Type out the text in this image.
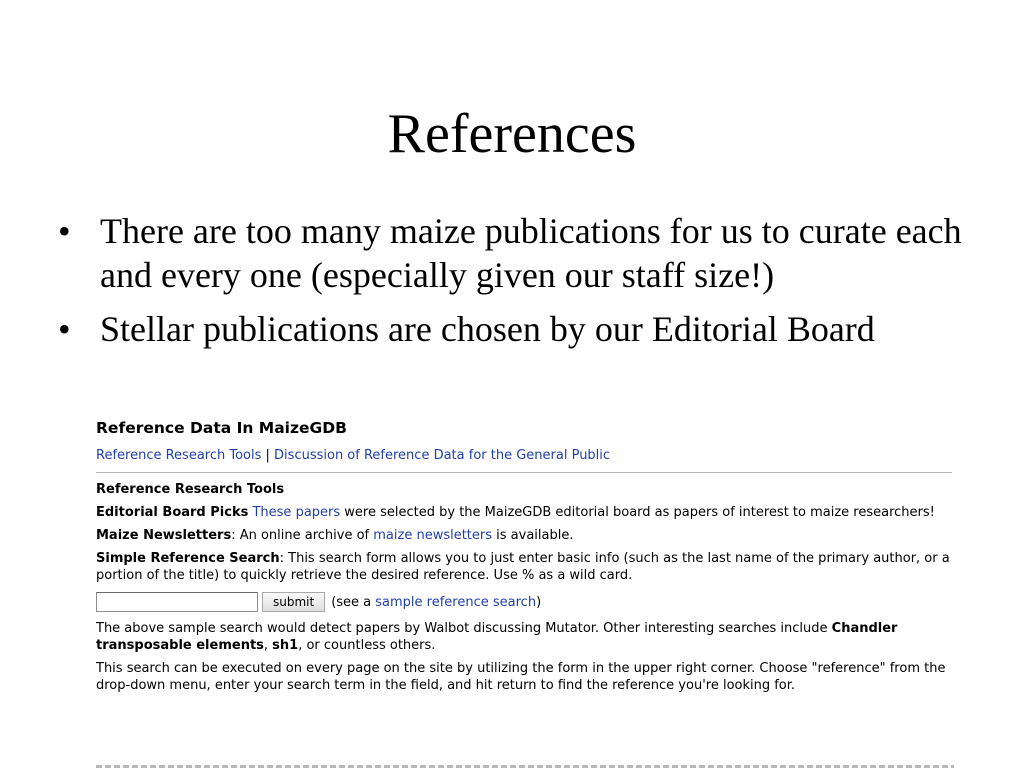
References
• There are too many maize publications for us to curate each and every one (especially given our staff size!)
• Stellar publications are chosen by our Editorial Board
Reference Data In MaizeGDB
Reference Research Tools | Discussion of Reference Data for the General Public
Reference Research Tools
Editorial Board Picks These papers were selected by the MaizeGDB editorial board as papers of interest to maize researchers!
Maize Newsletters: An online archive of maize newsletters is available.
Simple Reference Search: This search form allows you to just enter basic info (such as the last name of the primary author, or a portion of the title) to quickly retrieve the desired reference. Use % as a wild card.
submit	(see a sample reference search)
The above sample search would detect papers by Walbot discussing Mutator. Other interesting searches include Chandler transposable elements, sh1, or countless others.
This search can be executed on every page on the site by utilizing the form in the upper right corner. Choose "reference" from the drop-down menu, enter your search term in the field, and hit return to find the reference you're looking for.
